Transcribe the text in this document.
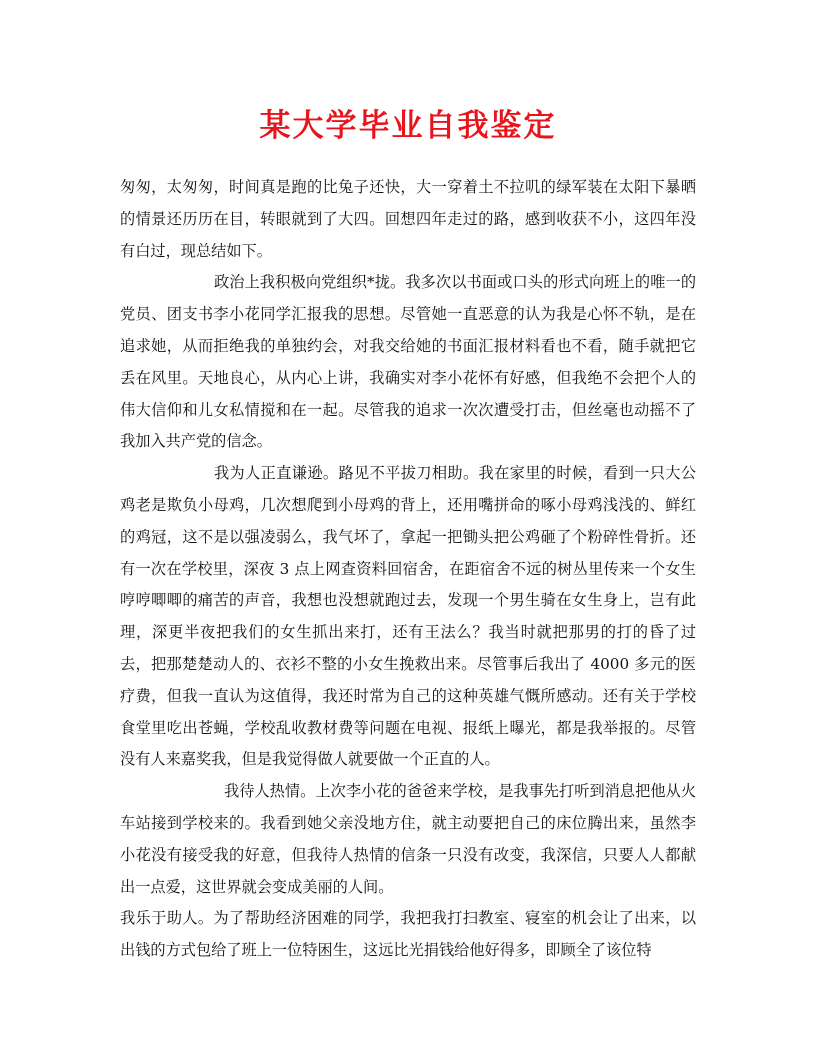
某大学毕业自我鉴定

匆匆，太匆匆，时间真是跑的比兔子还快，大一穿着土不拉叽的绿军装在太阳下暴晒的情景还历历在目，转眼就到了大四。回想四年走过的路，感到收获不小，这四年没有白过，现总结如下。

政治上我积极向党组织*拢。我多次以书面或口头的形式向班上的唯一的党员、团支书李小花同学汇报我的思想。尽管她一直恶意的认为我是心怀不轨，是在追求她，从而拒绝我的单独约会，对我交给她的书面汇报材料看也不看，随手就把它丢在风里。天地良心，从内心上讲，我确实对李小花怀有好感，但我绝不会把个人的伟大信仰和儿女私情搅和在一起。尽管我的追求一次次遭受打击，但丝毫也动摇不了我加入共产党的信念。

我为人正直谦逊。路见不平拔刀相助。我在家里的时候，看到一只大公鸡老是欺负小母鸡，几次想爬到小母鸡的背上，还用嘴拼命的啄小母鸡浅浅的、鲜红的鸡冠，这不是以强凌弱么，我气坏了，拿起一把锄头把公鸡砸了个粉碎性骨折。还有一次在学校里，深夜 3 点上网查资料回宿舍，在距宿舍不远的树丛里传来一个女生哼哼唧唧的痛苦的声音，我想也没想就跑过去，发现一个男生骑在女生身上，岂有此理，深更半夜把我们的女生抓出来打，还有王法么？我当时就把那男的打的昏了过去，把那楚楚动人的、衣衫不整的小女生挽救出来。尽管事后我出了 4000 多元的医疗费，但我一直认为这值得，我还时常为自己的这种英雄气慨所感动。还有关于学校食堂里吃出苍蝇，学校乱收教材费等问题在电视、报纸上曝光，都是我举报的。尽管没有人来嘉奖我，但是我觉得做人就要做一个正直的人。

我待人热情。上次李小花的爸爸来学校，是我事先打听到消息把他从火车站接到学校来的。我看到她父亲没地方住，就主动要把自己的床位腾出来，虽然李小花没有接受我的好意，但我待人热情的信条一只没有改变，我深信，只要人人都献出一点爱，这世界就会变成美丽的人间。

我乐于助人。为了帮助经济困难的同学，我把我打扫教室、寝室的机会让了出来，以出钱的方式包给了班上一位特困生，这远比光捐钱给他好得多，即顾全了该位特
